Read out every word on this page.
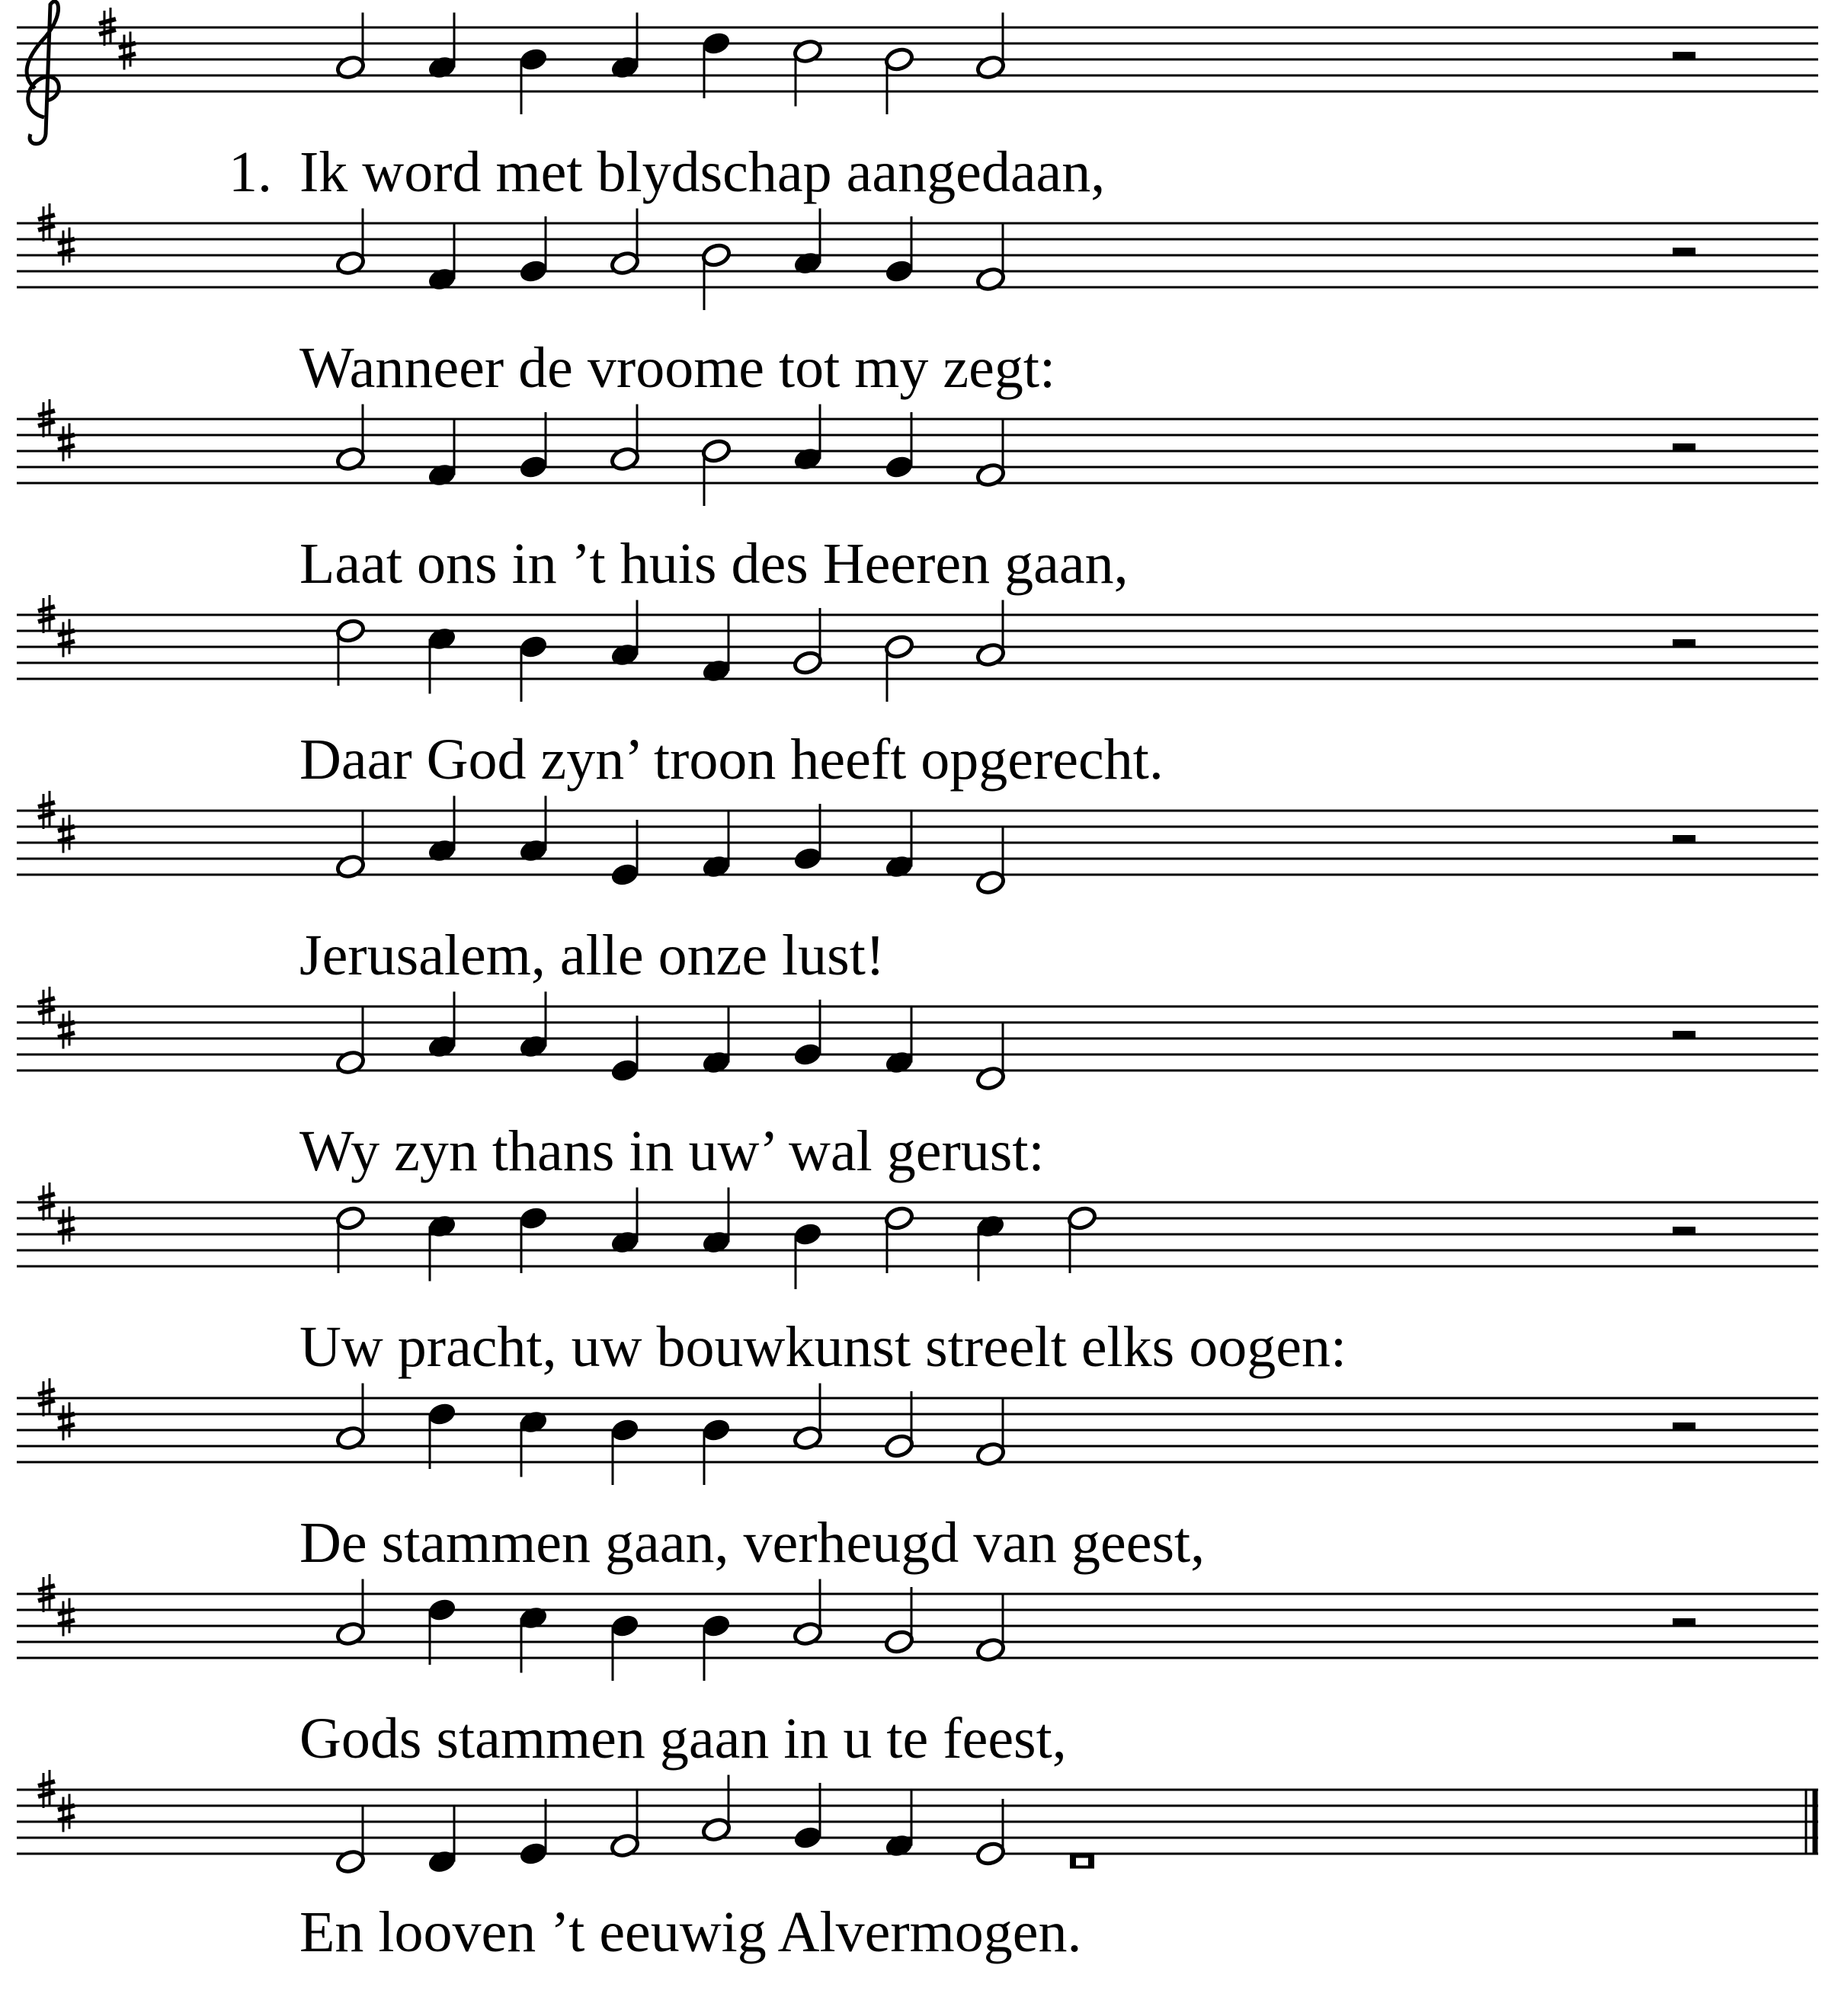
1. Ik word met blydschap aangedaan,
Wanneer de vroome tot my zegt:
Laat ons in ’t huis des Heeren gaan,
Daar God zyn’ troon heeft opgerecht.
Jerusalem, alle onze lust!
Wy zyn thans in uw’ wal gerust:
Uw pracht, uw bouwkunst streelt elks oogen:
De stammen gaan, verheugd van geest,
Gods stammen gaan in u te feest,
En looven ’t eeuwig Alvermogen.
